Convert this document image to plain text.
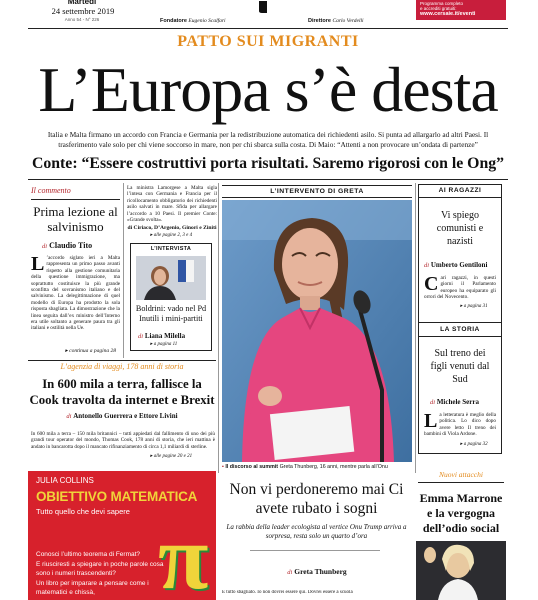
Martedì
24 settembre 2019
Anno 54 - N° 226	Fondatore Eugenio Scalfari	Direttore Carlo Verdelli
Programma completo
e accrediti gratuiti:
www.cersaie.it/eventi
PATTO SUI MIGRANTI
L’Europa s’è desta
Italia e Malta firmano un accordo con Francia e Germania per la redistribuzione automatica dei richiedenti asilo. Si punta ad allargarlo ad altri Paesi. Il trasferimento vale solo per chi viene soccorso in mare, non per chi sbarca sulla costa. Di Maio: “Attenti a non provocare un’ondata di partenze”
Conte: “Essere costruttivi porta risultati. Saremo rigorosi con le Ong”
Il commento
Prima lezione al salvinismo
di Claudio Tito
L ’accordo siglato ieri a Malta rappresenta un primo passo avanti rispetto alla gestione comunitaria della questione immigrazione, ma soprattutto costituisce la più grande sconfitta del sovranismo italiano e del salvinismo. La delegittimazione di quel modello di Europa ha prodotto la sola risposta sbagliata. La dimostrazione che la linea seguita dall’ex ministro dell’Interno era utile soltanto a generare paura tra gli italiani e ostilità nella Ue.
▸ continua a pagina 28
La ministra Lamorgese a Malta siglа l’intesa con Germania e Francia per il ricollocamento obbligatorio dei richiedenti asilo salvati in mare. Sfida per allargare l’accordo a 10 Paesi. Il premier Conte: «Grande svolta».
di Ciriaco, D’Argenio, Ginori e Ziniti
▸ alle pagine 2, 3 e 4
L’INTERVISTA
Boldrini: vado nel Pd Inutili i mini-partiti
di Liana Milella
▸ a pagina 11
L’INTERVENTO DI GRETA
▪ Il discorso al summit Greta Thunberg, 16 anni, mentre parla all’Onu
AI RAGAZZI
Vi spiego comunisti e nazisti
di Umberto Gentiloni
Cari ragazzi, in questi giorni il Parlamento europeo ha equiparato gli orrori del Novecento.
▸ a pagina 31
LA STORIA
Sul treno dei figli venuti dal Sud
di Michele Serra
La letteratura è meglio della politica. Lo dico dopo avere letto Il treno dei bambini di Viola Ardone.
▸ a pagina 32
L’agenzia di viaggi, 178 anni di storia
In 600 mila a terra, fallisce la Cook travolta da internet e Brexit
di Antonello Guerrera e Ettore Livini
In 600 mila a terra – 150 mila britannici – tutti appiedati dal fallimento di uno dei più grandi tour operator del mondo, Thomas Cook, 178 anni di storia, che ieri mattina è andato in bancarotta dopo il mancato rifinanziamento di circa 1,1 miliardi di sterline.
▸ alle pagine 20 e 21
JULIA COLLINS
OBIETTIVO MATEMATICA
Tutto quello che devi sapere
Conosci l’ultimo teorema di Fermat?
E riusciresti a spiegare in poche parole cosa sono i numeri trascendenti?
Un libro per imparare a pensare come i matematici e chissà, π
Non vi perdoneremo mai Ci avete rubato i sogni
La rabbia della leader ecologista al vertice Onu Trump arriva a sorpresa, resta solo un quarto d’ora
di Greta Thunberg
È tutto sbagliato. Io non dovrei essere qui. Dovrei essere a scuola
Nuovi attacchi
Emma Marrone e la vergogna dell’odio social
